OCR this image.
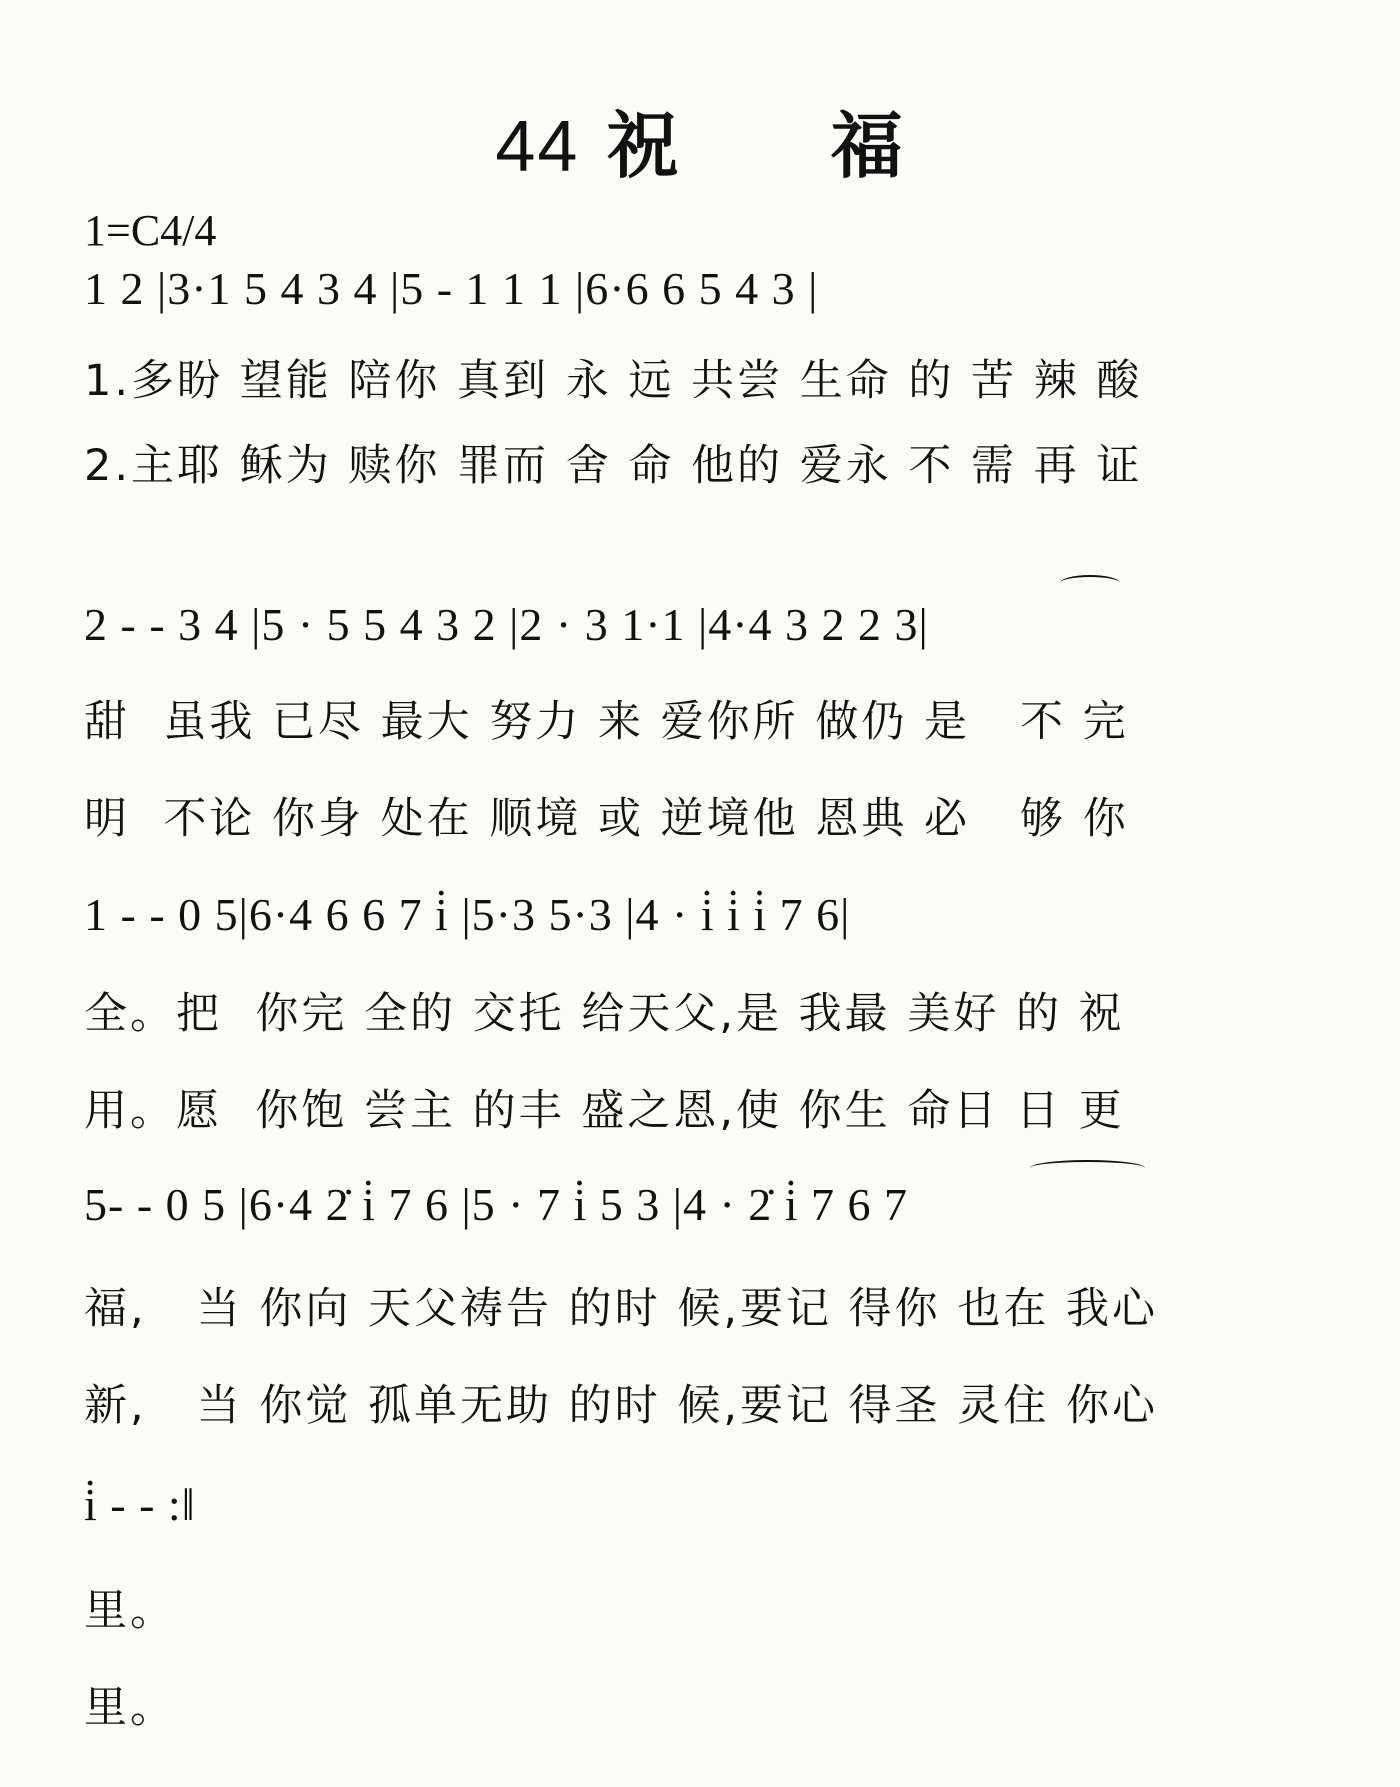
44 祝 福
1=C4/4
1 2 |3·1 5 4 3 4 |5 - 1 1 1 |6·6 6 5 4 3 |
1.多盼 望能 陪你 真到 永 远 共尝 生命 的 苦 辣 酸
2.主耶 稣为 赎你 罪而 舍 命 他的 爱永 不 需 再 证
2 - - 3 4 |5 · 5 5 4 3 2 |2 · 3 1·1 |4·4 3 2 2 3|
甜  虽我 已尽 最大 努力 来 爱你所 做仍 是   不 完
明  不论 你身 处在 顺境 或 逆境他 恩典 必   够 你
1 - - 0 5|6·4 6 6 7 i̇ |5·3 5·3 |4 · i̇ i̇ i̇ 7 6|
全。把  你完 全的 交托 给天父,是 我最 美好 的 祝
用。愿  你饱 尝主 的丰 盛之恩,使 你生 命日 日 更
5- - 0 5 |6·4 2̇ i̇ 7 6 |5 · 7 i̇ 5 3 |4 · 2̇ i̇ 7 6 7
福,   当 你向 天父祷告 的时 候,要记 得你 也在 我心
新,   当 你觉 孤单无助 的时 候,要记 得圣 灵住 你心
i̇ - - :‖
里。
里。
